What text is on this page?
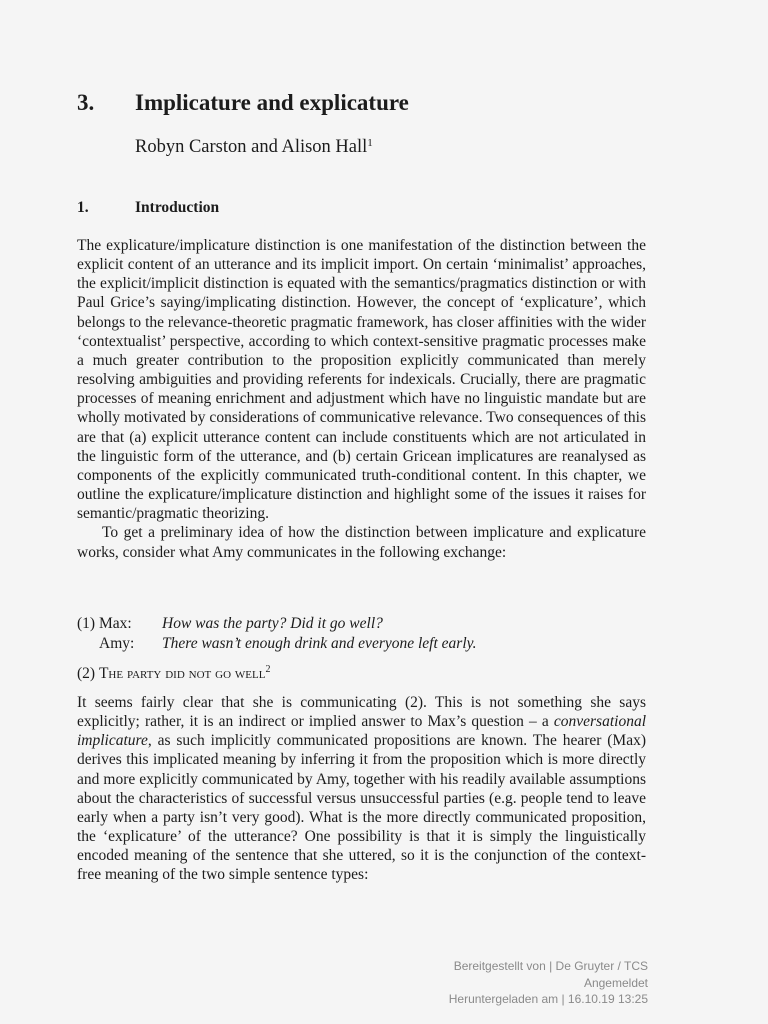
3. Implicature and explicature
Robyn Carston and Alison Hall$^1$
1.	Introduction
The explicature/implicature distinction is one manifestation of the distinction between the explicit content of an utterance and its implicit import. On certain ‘minimalist’ approaches, the explicit/implicit distinction is equated with the semantics/pragmatics distinction or with Paul Grice’s saying/implicating distinction. However, the concept of ‘explicature’, which belongs to the relevance-theoretic pragmatic framework, has closer affinities with the wider ‘contextualist’ perspective, according to which context-sensitive pragmatic processes make a much greater contribution to the proposition explicitly communicated than merely resolving ambiguities and providing referents for indexicals. Crucially, there are pragmatic processes of meaning enrichment and adjustment which have no linguistic mandate but are wholly motivated by considerations of communicative relevance. Two consequences of this are that (a) explicit utterance content can include constituents which are not articulated in the linguistic form of the utterance, and (b) certain Gricean implicatures are reanalysed as components of the explicitly communicated truth-conditional content. In this chapter, we outline the explicature/implicature distinction and highlight some of the issues it raises for semantic/pragmatic theorizing.
To get a preliminary idea of how the distinction between implicature and explicature works, consider what Amy communicates in the following exchange:
(1) Max:	How was the party? Did it go well?
Amy:	There wasn’t enough drink and everyone left early.
(2) The party did not go well$^2$
It seems fairly clear that she is communicating (2). This is not something she says explicitly; rather, it is an indirect or implied answer to Max’s question – a conversational implicature, as such implicitly communicated propositions are known. The hearer (Max) derives this implicated meaning by inferring it from the proposition which is more directly and more explicitly communicated by Amy, together with his readily available assumptions about the characteristics of successful versus unsuccessful parties (e.g. people tend to leave early when a party isn’t very good). What is the more directly communicated proposition, the ‘explicature’ of the utterance? One possibility is that it is simply the linguistically encoded meaning of the sentence that she uttered, so it is the conjunction of the context-free meaning of the two simple sentence types:
Bereitgestellt von | De Gruyter / TCS
Angemeldet
Heruntergeladen am | 16.10.19 13:25
